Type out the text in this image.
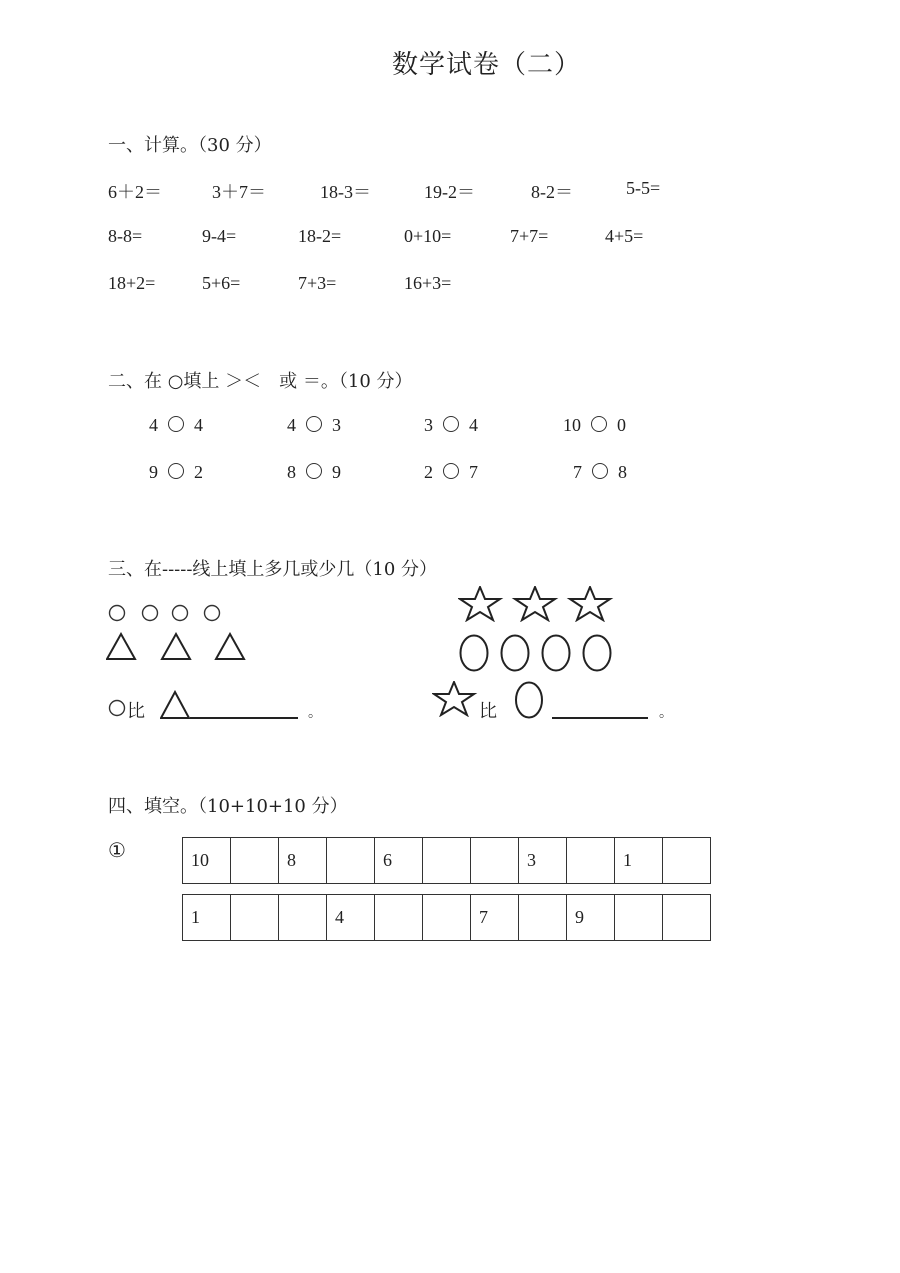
数学试卷（二）
一、计算。（30 分）
6＋2＝	3＋7＝	18-3＝	19-2＝	8-2＝	5-5=
8-8=	9-4=	18-2=	0+10=	7+7=	4+5=
18+2=	5+6=	7+3=	16+3=
二、在 ○填上 ＞＜　或 ＝。（10 分）
4 4	4 3	3 4	10 0
9 2	8 9	2 7	7 8
三、在-----线上填上多几或少几（10 分）
比	。	比	。
四、填空。（10+10+10 分）
①	10		8		6			3		1	
1			4			7		9		
